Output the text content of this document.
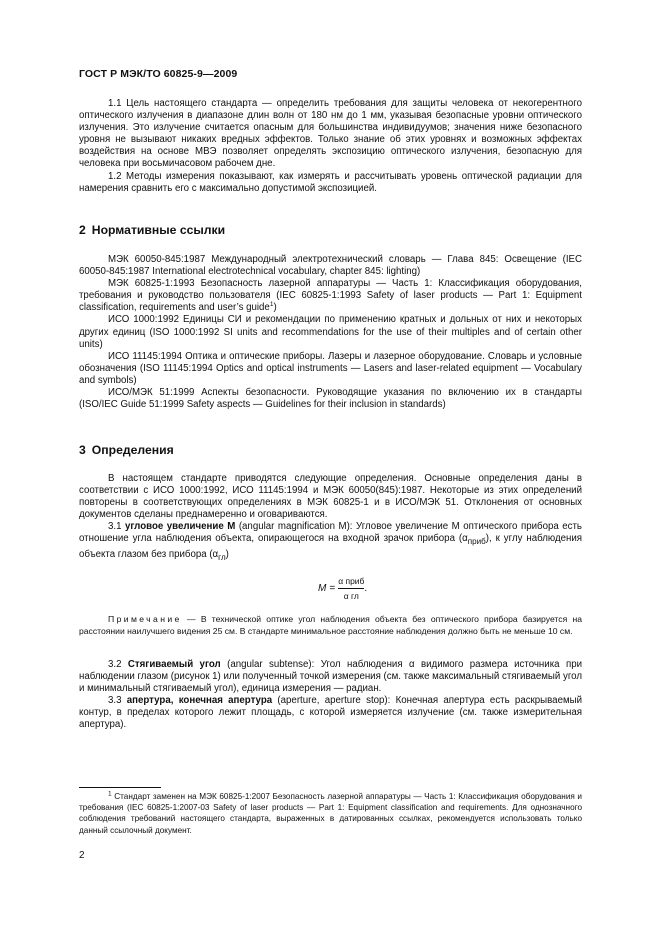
ГОСТ Р МЭК/ТО 60825-9—2009

1.1 Цель настоящего стандарта — определить требования для защиты человека от некогерентного оптического излучения в диапазоне длин волн от 180 нм до 1 мм, указывая безопасные уровни оптического излучения. Это излучение считается опасным для большинства индивидуумов; значения ниже безопасного уровня не вызывают никаких вредных эффектов. Только знание об этих уровнях и возможных эффектах воздействия на основе МВЭ позволяет определять экспозицию оптического излучения, безопасную для человека при восьмичасовом рабочем дне.

1.2 Методы измерения показывают, как измерять и рассчитывать уровень оптической радиации для намерения сравнить его с максимально допустимой экспозицией.

2 Нормативные ссылки

МЭК 60050-845:1987 Международный электротехнический словарь — Глава 845: Освещение (IEC 60050-845:1987 International electrotechnical vocabulary, chapter 845: lighting)

МЭК 60825-1:1993 Безопасность лазерной аппаратуры — Часть 1: Классификация оборудования, требования и руководство пользователя (IEC 60825-1:1993 Safety of laser products — Part 1: Equipment classification, requirements and user’s guide$^1$)

ИСО 1000:1992 Единицы СИ и рекомендации по применению кратных и дольных от них и некоторых других единиц (ISO 1000:1992 SI units and recommendations for the use of their multiples and of certain other units)

ИСО 11145:1994 Оптика и оптические приборы. Лазеры и лазерное оборудование. Словарь и условные обозначения (ISO 11145:1994 Optics and optical instruments — Lasers and laser-related equipment — Vocabulary and symbols)

ИСО/МЭК 51:1999 Аспекты безопасности. Руководящие указания по включению их в стандарты (ISO/IEC Guide 51:1999 Safety aspects — Guidelines for their inclusion in standards)

3 Определения

В настоящем стандарте приводятся следующие определения. Основные определения даны в соответствии с ИСО 1000:1992, ИСО 11145:1994 и МЭК 60050(845):1987. Некоторые из этих определений повторены в соответствующих определениях в МЭК 60825-1 и в ИСО/МЭК 51. Отклонения от основных документов сделаны преднамеренно и оговариваются.

3.1 угловое увеличение M (angular magnification M): Угловое увеличение M оптического прибора есть отношение угла наблюдения объекта, опирающегося на входной зрачок прибора $(\alpha_{приб})$, к углу наблюдения объекта глазом без прибора $(\alpha_{гл})$

$M = \frac{\text{α приб}}{\text{α гл}}$ .
Примечание — В технической оптике угол наблюдения объекта без оптического прибора базируется на расстоянии наилучшего видения 25 см. В стандарте минимальное расстояние наблюдения должно быть не меньше 10 см.

3.2 Стягиваемый угол (angular subtense): Угол наблюдения α видимого размера источника при наблюдении глазом (рисунок 1) или полученный точкой измерения (см. также максимальный стягиваемый угол и минимальный стягиваемый угол), единица измерения — радиан.

3.3 апертура, конечная апертура (aperture, aperture stop): Конечная апертура есть раскрываемый контур, в пределах которого лежит площадь, с которой измеряется излучение (см. также измерительная апертура).

$^1$ Стандарт заменен на МЭК 60825-1:2007 Безопасность лазерной аппаратуры — Часть 1: Классификация оборудования и требования (IEC 60825-1:2007-03 Safety of laser products — Part 1: Equipment classification and requirements. Для однозначного соблюдения требований настоящего стандарта, выраженных в датированных ссылках, рекомендуется использовать только данный ссылочный документ.
2
